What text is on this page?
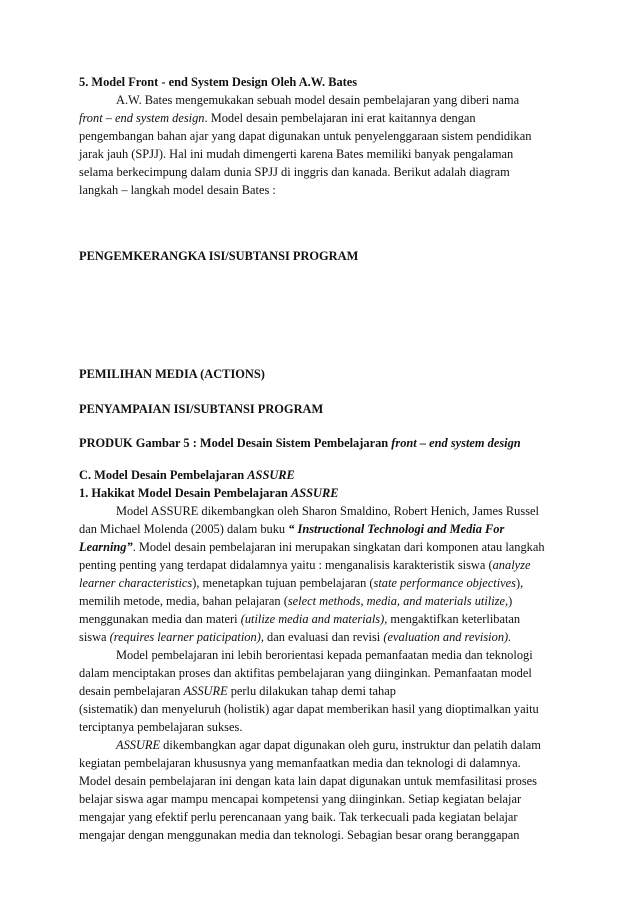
5. Model Front - end System Design Oleh A.W. Bates
A.W. Bates mengemukakan sebuah model desain pembelajaran yang diberi nama
front – end system design. Model desain pembelajaran ini erat kaitannya dengan
pengembangan bahan ajar yang dapat digunakan untuk penyelenggaraan sistem pendidikan
jarak jauh (SPJJ). Hal ini mudah dimengerti karena Bates memiliki banyak pengalaman
selama berkecimpung dalam dunia SPJJ di inggris dan kanada. Berikut adalah diagram
langkah – langkah model desain Bates :
PENGEMKERANGKA ISI/SUBTANSI PROGRAM
PEMILIHAN MEDIA (ACTIONS)
PENYAMPAIAN ISI/SUBTANSI PROGRAM
PRODUK Gambar 5 : Model Desain Sistem Pembelajaran front – end system design
C. Model Desain Pembelajaran ASSURE
1. Hakikat Model Desain Pembelajaran ASSURE
Model ASSURE dikembangkan oleh Sharon Smaldino, Robert Henich, James Russel
dan Michael Molenda (2005) dalam buku “ Instructional Technologi and Media For
Learning”. Model desain pembelajaran ini merupakan singkatan dari komponen atau langkah
penting penting yang terdapat didalamnya yaitu : menganalisis karakteristik siswa (analyze
learner characteristics), menetapkan tujuan pembelajaran (state performance objectives),
memilih metode, media, bahan pelajaran (select methods, media, and materials utilize,)
menggunakan media dan materi (utilize media and materials), mengaktifkan keterlibatan
siswa (requires learner paticipation), dan evaluasi dan revisi (evaluation and revision).
Model pembelajaran ini lebih berorientasi kepada pemanfaatan media dan teknologi
dalam menciptakan proses dan aktifitas pembelajaran yang diinginkan. Pemanfaatan model
desain pembelajaran ASSURE perlu dilakukan tahap demi tahap
(sistematik) dan menyeluruh (holistik) agar dapat memberikan hasil yang dioptimalkan yaitu
terciptanya pembelajaran sukses.
ASSURE dikembangkan agar dapat digunakan oleh guru, instruktur dan pelatih dalam
kegiatan pembelajaran khususnya yang memanfaatkan media dan teknologi di dalamnya.
Model desain pembelajaran ini dengan kata lain dapat digunakan untuk memfasilitasi proses
belajar siswa agar mampu mencapai kompetensi yang diinginkan. Setiap kegiatan belajar
mengajar yang efektif perlu perencanaan yang baik. Tak terkecuali pada kegiatan belajar
mengajar dengan menggunakan media dan teknologi. Sebagian besar orang beranggapan
